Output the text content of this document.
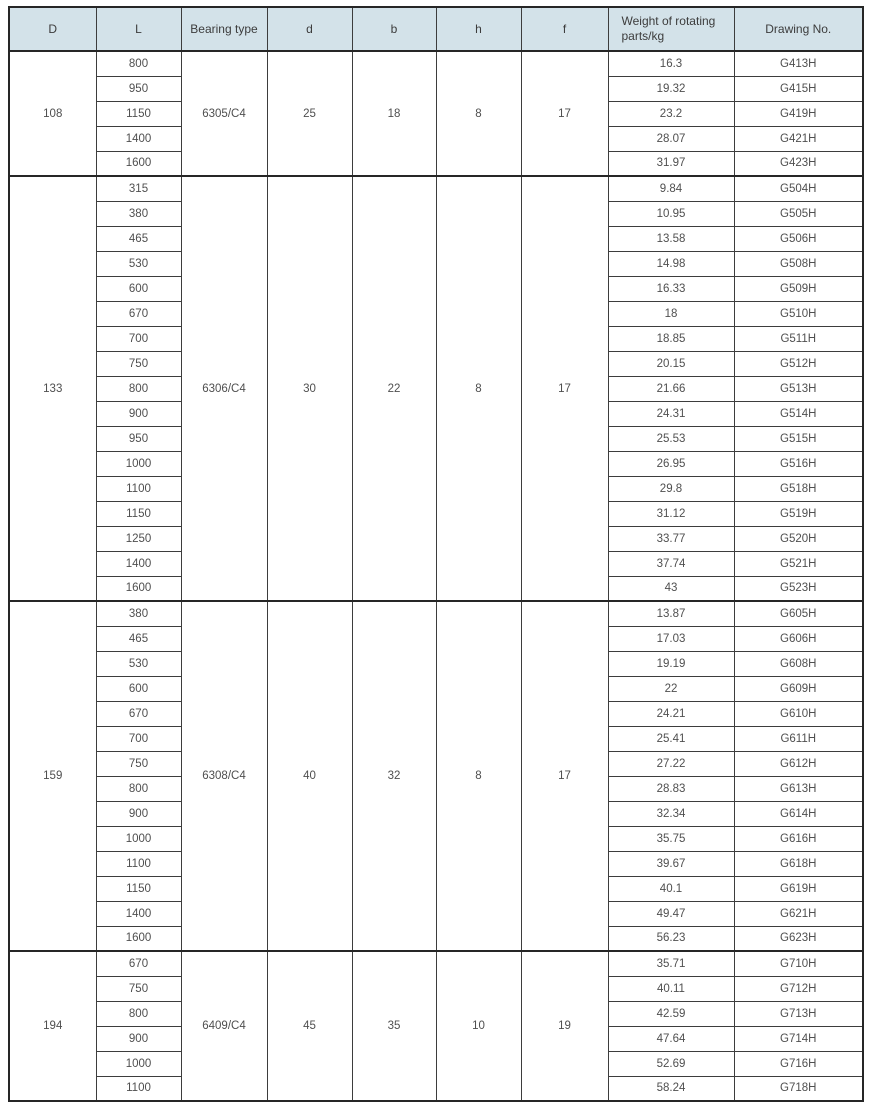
D	L	Bearing type	d	b	h	f	Weight of rotating parts/kg	Drawing No.
108	800	6305/C4	25	18	8	17	16.3	G413H
	950						19.32	G415H
	1150						23.2	G419H
	1400						28.07	G421H
	1600						31.97	G423H
133	315	6306/C4	30	22	8	17	9.84	G504H
	380						10.95	G505H
	465						13.58	G506H
	530						14.98	G508H
	600						16.33	G509H
	670						18	G510H
	700						18.85	G511H
	750						20.15	G512H
	800						21.66	G513H
	900						24.31	G514H
	950						25.53	G515H
	1000						26.95	G516H
	1100						29.8	G518H
	1150						31.12	G519H
	1250						33.77	G520H
	1400						37.74	G521H
	1600						43	G523H
159	380	6308/C4	40	32	8	17	13.87	G605H
	465						17.03	G606H
	530						19.19	G608H
	600						22	G609H
	670						24.21	G610H
	700						25.41	G611H
	750						27.22	G612H
	800						28.83	G613H
	900						32.34	G614H
	1000						35.75	G616H
	1100						39.67	G618H
	1150						40.1	G619H
	1400						49.47	G621H
	1600						56.23	G623H
194	670	6409/C4	45	35	10	19	35.71	G710H
	750						40.11	G712H
	800						42.59	G713H
	900						47.64	G714H
	1000						52.69	G716H
	1100						58.24	G718H
